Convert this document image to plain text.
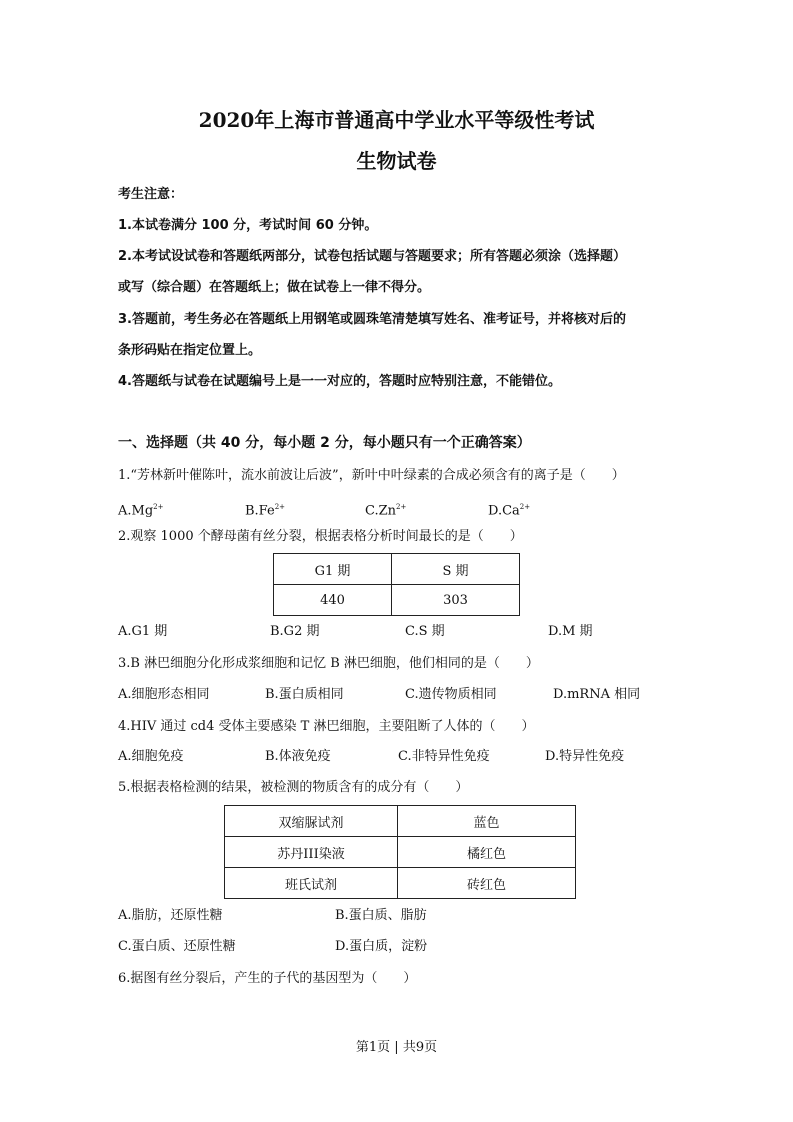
2020年上海市普通高中学业水平等级性考试
生物试卷
考生注意：
1.本试卷满分 100 分，考试时间 60 分钟。
2.本考试设试卷和答题纸两部分，试卷包括试题与答题要求；所有答题必须涂（选择题）
或写（综合题）在答题纸上；做在试卷上一律不得分。
3.答题前，考生务必在答题纸上用钢笔或圆珠笔清楚填写姓名、准考证号，并将核对后的
条形码贴在指定位置上。
4.答题纸与试卷在试题编号上是一一对应的，答题时应特别注意，不能错位。
一、选择题（共 40 分，每小题 2 分，每小题只有一个正确答案）
1.“芳林新叶催陈叶，流水前波让后波”，新叶中叶绿素的合成必须含有的离子是（　　）
$A.Mg^{2+}$	$B.Fe^{2+}$	$C.Zn^{2+}$	$D.Ca^{2+}$
2.观察 1000 个酵母菌有丝分裂，根据表格分析时间最长的是（　　）
G1 期	S 期
440	303
A.G1 期	B.G2 期	C.S 期	D.M 期
3.B 淋巴细胞分化形成浆细胞和记忆 B 淋巴细胞，他们相同的是（　　）
A.细胞形态相同	B.蛋白质相同	C.遗传物质相同	D.mRNA 相同
4.HIV 通过 cd4 受体主要感染 T 淋巴细胞，主要阻断了人体的（　　）
A.细胞免疫	B.体液免疫	C.非特异性免疫	D.特异性免疫
5.根据表格检测的结果，被检测的物质含有的成分有（　　）
双缩脲试剂	蓝色
苏丹III染液	橘红色
班氏试剂	砖红色
A.脂肪，还原性糖	B.蛋白质、脂肪
C.蛋白质、还原性糖	D.蛋白质，淀粉
6.据图有丝分裂后，产生的子代的基因型为（　　）
第1页 | 共9页
